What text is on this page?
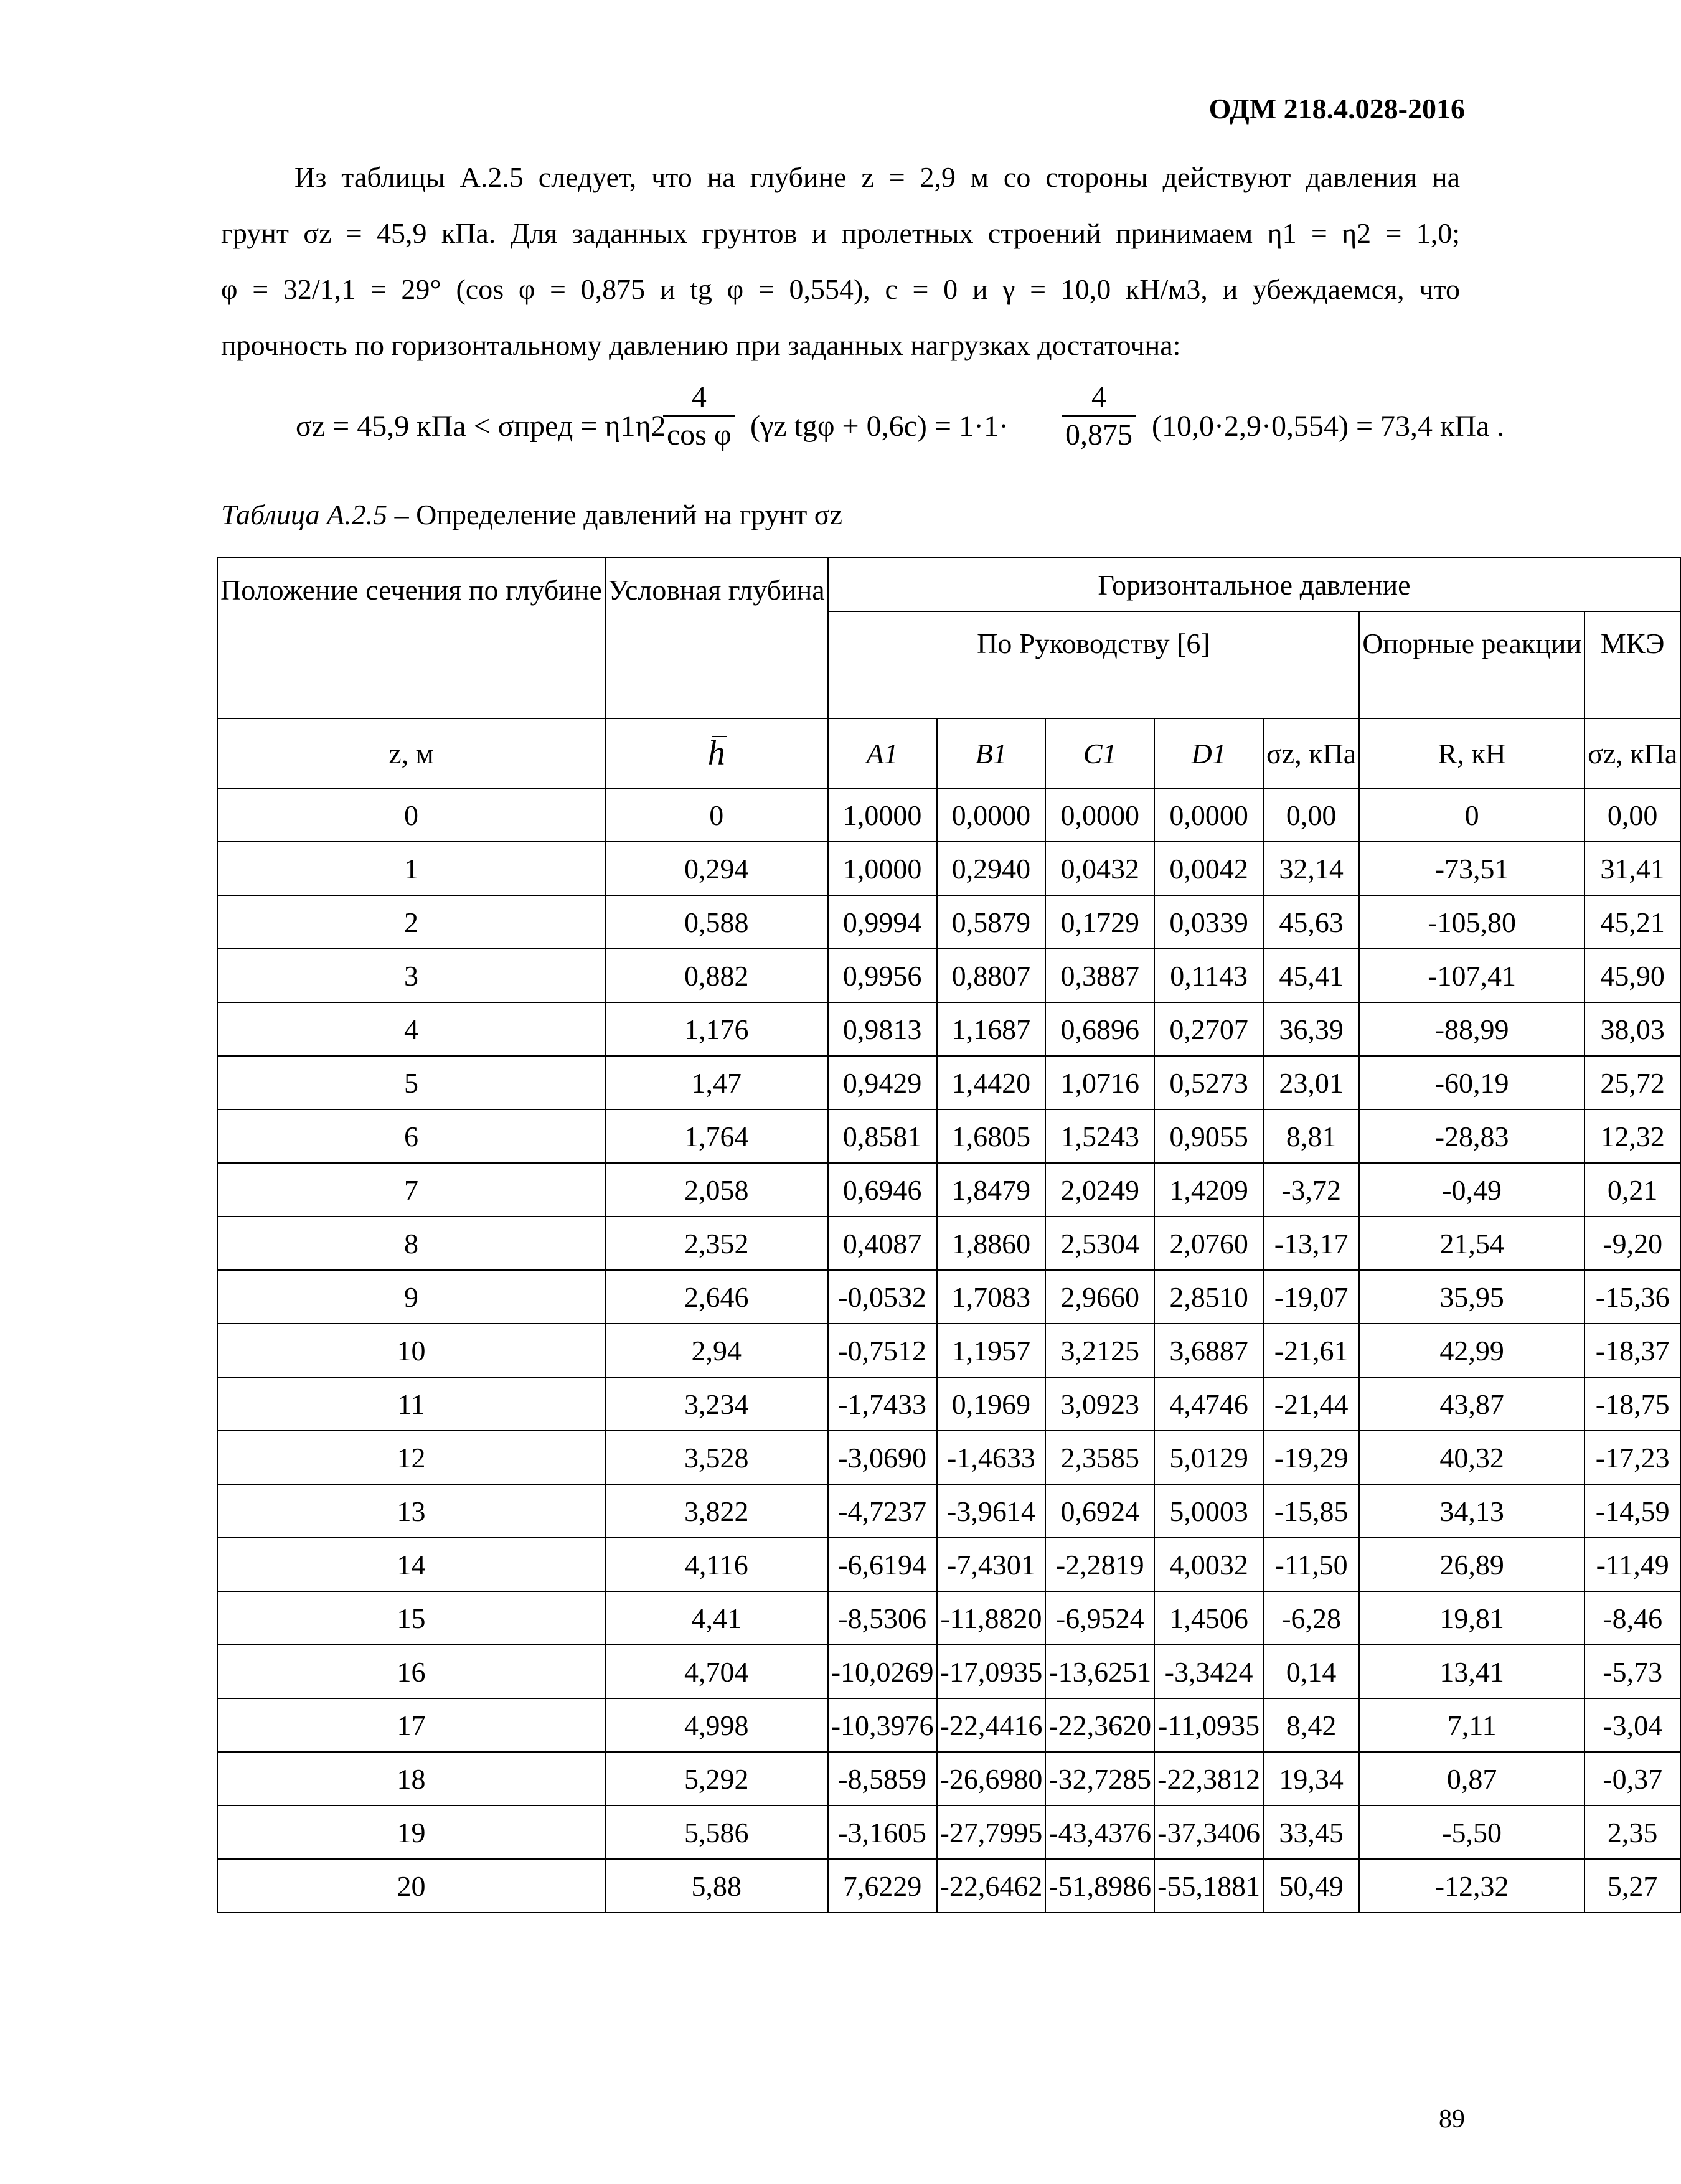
ОДМ 218.4.028-2016
Из таблицы А.2.5 следует, что на глубине z = 2,9 м со стороны действуют давления на
грунт σz = 45,9 кПа. Для заданных грунтов и пролетных строений принимаем η1 = η2 = 1,0;
φ = 32/1,1 = 29° (cos φ = 0,875 и tg φ = 0,554), c = 0 и γ = 10,0 кН/м3, и убеждаемся, что
прочность по горизонтальному давлению при заданных нагрузках достаточна:
σz = 45,9 кПа < σпред = η1η2
$\frac{4}{\text{cos φ}} (\gamma z$ $tg\varphi + 0,6c) = 1\cdot 1\cdot \frac{4}{0,875} (10,0\cdot 2,9\cdot 0,554) = 73,4$ кПа .
Таблица А.2.5 – Определение давлений на грунт σz
Положение сечения по глубине	Условная глубина	Горизонтальное давление						
		По Руководству [6]					Опорные реакции	МКЭ
z, м	h	A1	B1	C1	D1	σz, кПа	R, кН	σz, кПа
0	0	1,0000	0,0000	0,0000	0,0000	0,00	0	0,00
1	0,294	1,0000	0,2940	0,0432	0,0042	32,14	-73,51	31,41
2	0,588	0,9994	0,5879	0,1729	0,0339	45,63	-105,80	45,21
3	0,882	0,9956	0,8807	0,3887	0,1143	45,41	-107,41	45,90
4	1,176	0,9813	1,1687	0,6896	0,2707	36,39	-88,99	38,03
5	1,47	0,9429	1,4420	1,0716	0,5273	23,01	-60,19	25,72
6	1,764	0,8581	1,6805	1,5243	0,9055	8,81	-28,83	12,32
7	2,058	0,6946	1,8479	2,0249	1,4209	-3,72	-0,49	0,21
8	2,352	0,4087	1,8860	2,5304	2,0760	-13,17	21,54	-9,20
9	2,646	-0,0532	1,7083	2,9660	2,8510	-19,07	35,95	-15,36
10	2,94	-0,7512	1,1957	3,2125	3,6887	-21,61	42,99	-18,37
11	3,234	-1,7433	0,1969	3,0923	4,4746	-21,44	43,87	-18,75
12	3,528	-3,0690	-1,4633	2,3585	5,0129	-19,29	40,32	-17,23
13	3,822	-4,7237	-3,9614	0,6924	5,0003	-15,85	34,13	-14,59
14	4,116	-6,6194	-7,4301	-2,2819	4,0032	-11,50	26,89	-11,49
15	4,41	-8,5306	-11,8820	-6,9524	1,4506	-6,28	19,81	-8,46
16	4,704	-10,0269	-17,0935	-13,6251	-3,3424	0,14	13,41	-5,73
17	4,998	-10,3976	-22,4416	-22,3620	-11,0935	8,42	7,11	-3,04
18	5,292	-8,5859	-26,6980	-32,7285	-22,3812	19,34	0,87	-0,37
19	5,586	-3,1605	-27,7995	-43,4376	-37,3406	33,45	-5,50	2,35
20	5,88	7,6229	-22,6462	-51,8986	-55,1881	50,49	-12,32	5,27
89
